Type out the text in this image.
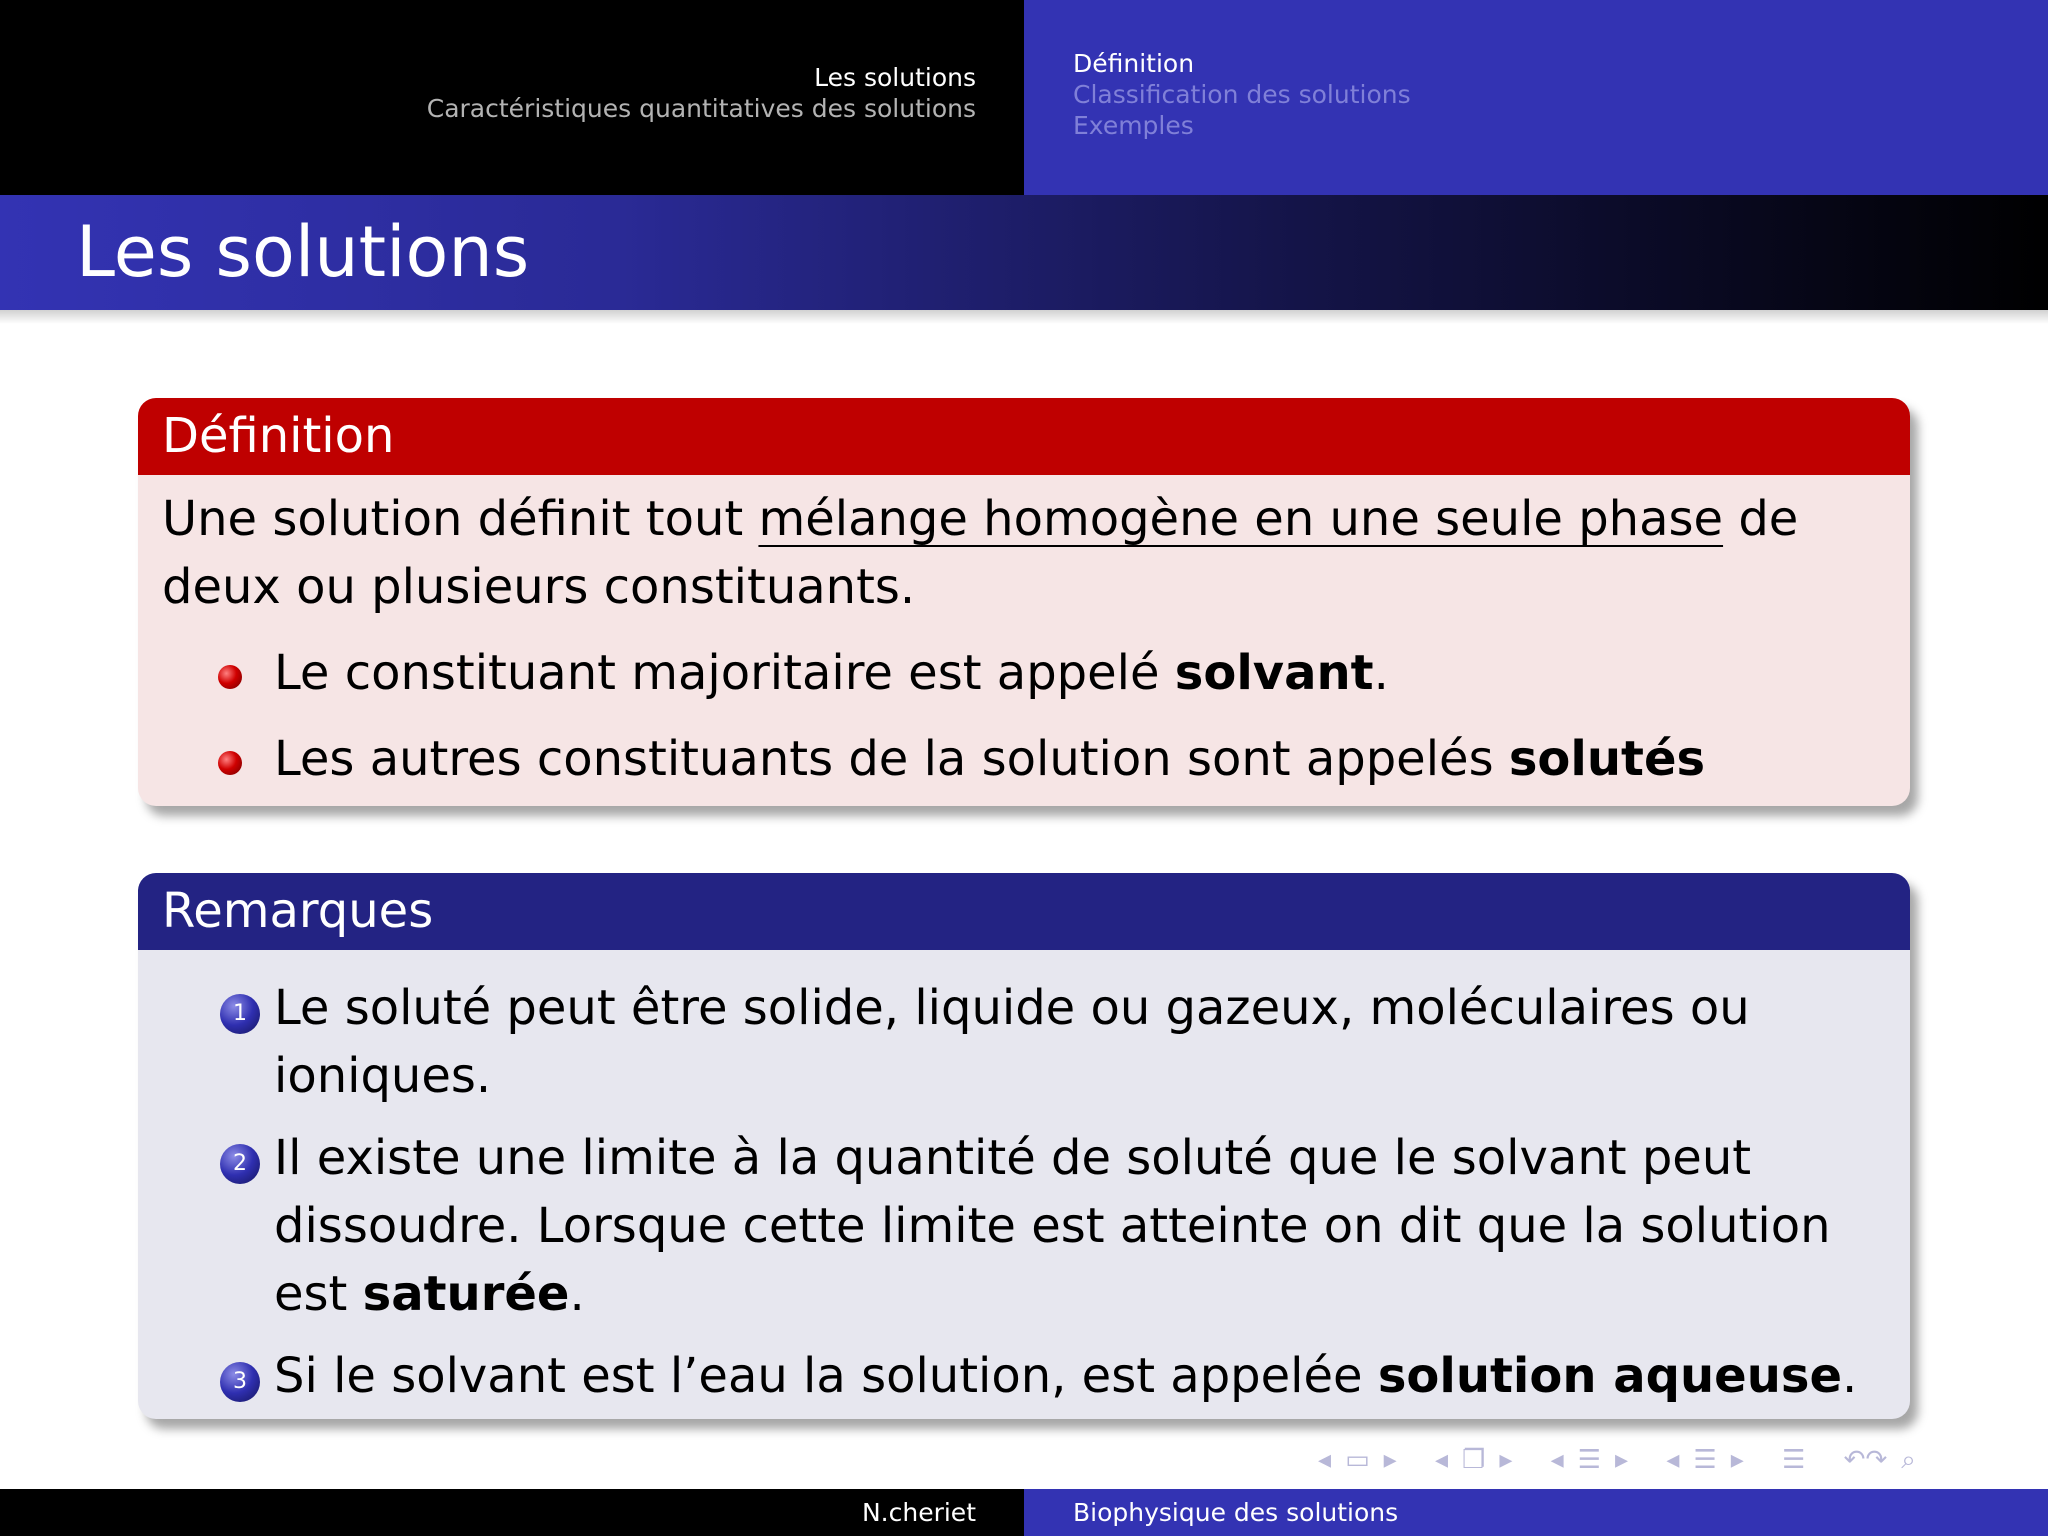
Les solutions
Caractéristiques quantitatives des solutions
Définition
Classification des solutions
Exemples
Les solutions
Définition
Une solution définit tout mélange homogène en une seule phase de deux ou plusieurs constituants.
Le constituant majoritaire est appelé solvant.
Les autres constituants de la solution sont appelés solutés
Remarques
1 Le soluté peut être solide, liquide ou gazeux, moléculaires ou ioniques.
2 Il existe une limite à la quantité de soluté que le solvant peut dissoudre. Lorsque cette limite est atteinte on dit que la solution est saturée.
3 Si le solvant est l’eau la solution, est appelée solution aqueuse.
◂ ▭ ▸ ◂ ❐ ▸ ◂ ☰ ▸ ◂ ☰ ▸ ☰ ↶↷ ⌕
N.cheriet	Biophysique des solutions
